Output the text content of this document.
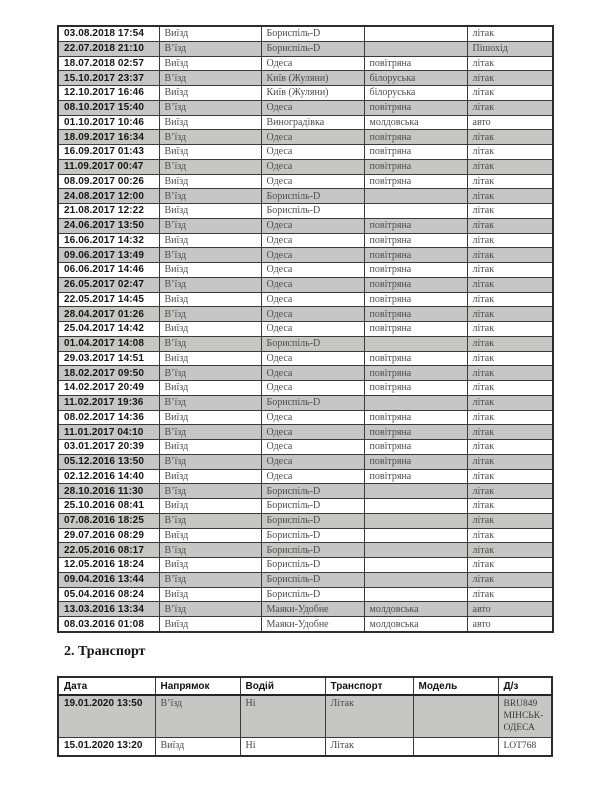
03.08.2018 17:54	Виїзд	Бориспіль-D		літак
22.07.2018 21:10	В’їзд	Бориспіль-D		Пішохід
18.07.2018 02:57	Виїзд	Одеса	повітряна	літак
15.10.2017 23:37	В’їзд	Київ (Жуляни)	білоруська	літак
12.10.2017 16:46	Виїзд	Київ (Жуляни)	білоруська	літак
08.10.2017 15:40	В’їзд	Одеса	повітряна	літак
01.10.2017 10:46	Виїзд	Виноградівка	молдовська	авто
18.09.2017 16:34	В’їзд	Одеса	повітряна	літак
16.09.2017 01:43	Виїзд	Одеса	повітряна	літак
11.09.2017 00:47	В’їзд	Одеса	повітряна	літак
08.09.2017 00:26	Виїзд	Одеса	повітряна	літак
24.08.2017 12:00	В’їзд	Бориспіль-D		літак
21.08.2017 12:22	Виїзд	Бориспіль-D		літак
24.06.2017 13:50	В’їзд	Одеса	повітряна	літак
16.06.2017 14:32	Виїзд	Одеса	повітряна	літак
09.06.2017 13:49	В’їзд	Одеса	повітряна	літак
06.06.2017 14:46	Виїзд	Одеса	повітряна	літак
26.05.2017 02:47	В’їзд	Одеса	повітряна	літак
22.05.2017 14:45	Виїзд	Одеса	повітряна	літак
28.04.2017 01:26	В’їзд	Одеса	повітряна	літак
25.04.2017 14:42	Виїзд	Одеса	повітряна	літак
01.04.2017 14:08	В’їзд	Бориспіль-D		літак
29.03.2017 14:51	Виїзд	Одеса	повітряна	літак
18.02.2017 09:50	В’їзд	Одеса	повітряна	літак
14.02.2017 20:49	Виїзд	Одеса	повітряна	літак
11.02.2017 19:36	В’їзд	Бориспіль-D		літак
08.02.2017 14:36	Виїзд	Одеса	повітряна	літак
11.01.2017 04:10	В’їзд	Одеса	повітряна	літак
03.01.2017 20:39	Виїзд	Одеса	повітряна	літак
05.12.2016 13:50	В’їзд	Одеса	повітряна	літак
02.12.2016 14:40	Виїзд	Одеса	повітряна	літак
28.10.2016 11:30	В’їзд	Бориспіль-D		літак
25.10.2016 08:41	Виїзд	Бориспіль-D		літак
07.08.2016 18:25	В’їзд	Бориспіль-D		літак
29.07.2016 08:29	Виїзд	Бориспіль-D		літак
22.05.2016 08:17	В’їзд	Бориспіль-D		літак
12.05.2016 18:24	Виїзд	Бориспіль-D		літак
09.04.2016 13:44	В’їзд	Бориспіль-D		літак
05.04.2016 08:24	Виїзд	Бориспіль-D		літак
13.03.2016 13:34	В’їзд	Маяки-Удобне	молдовська	авто
08.03.2016 01:08	Виїзд	Маяки-Удобне	молдовська	авто
2. Транспорт
Дата	Напрямок	Водій	Транспорт	Модель	Д/з
19.01.2020 13:50	В’їзд	Ні	Літак		BRU849 МІНСЬК-ОДЕСА
15.01.2020 13:20	Виїзд	Ні	Літак		LOT768
